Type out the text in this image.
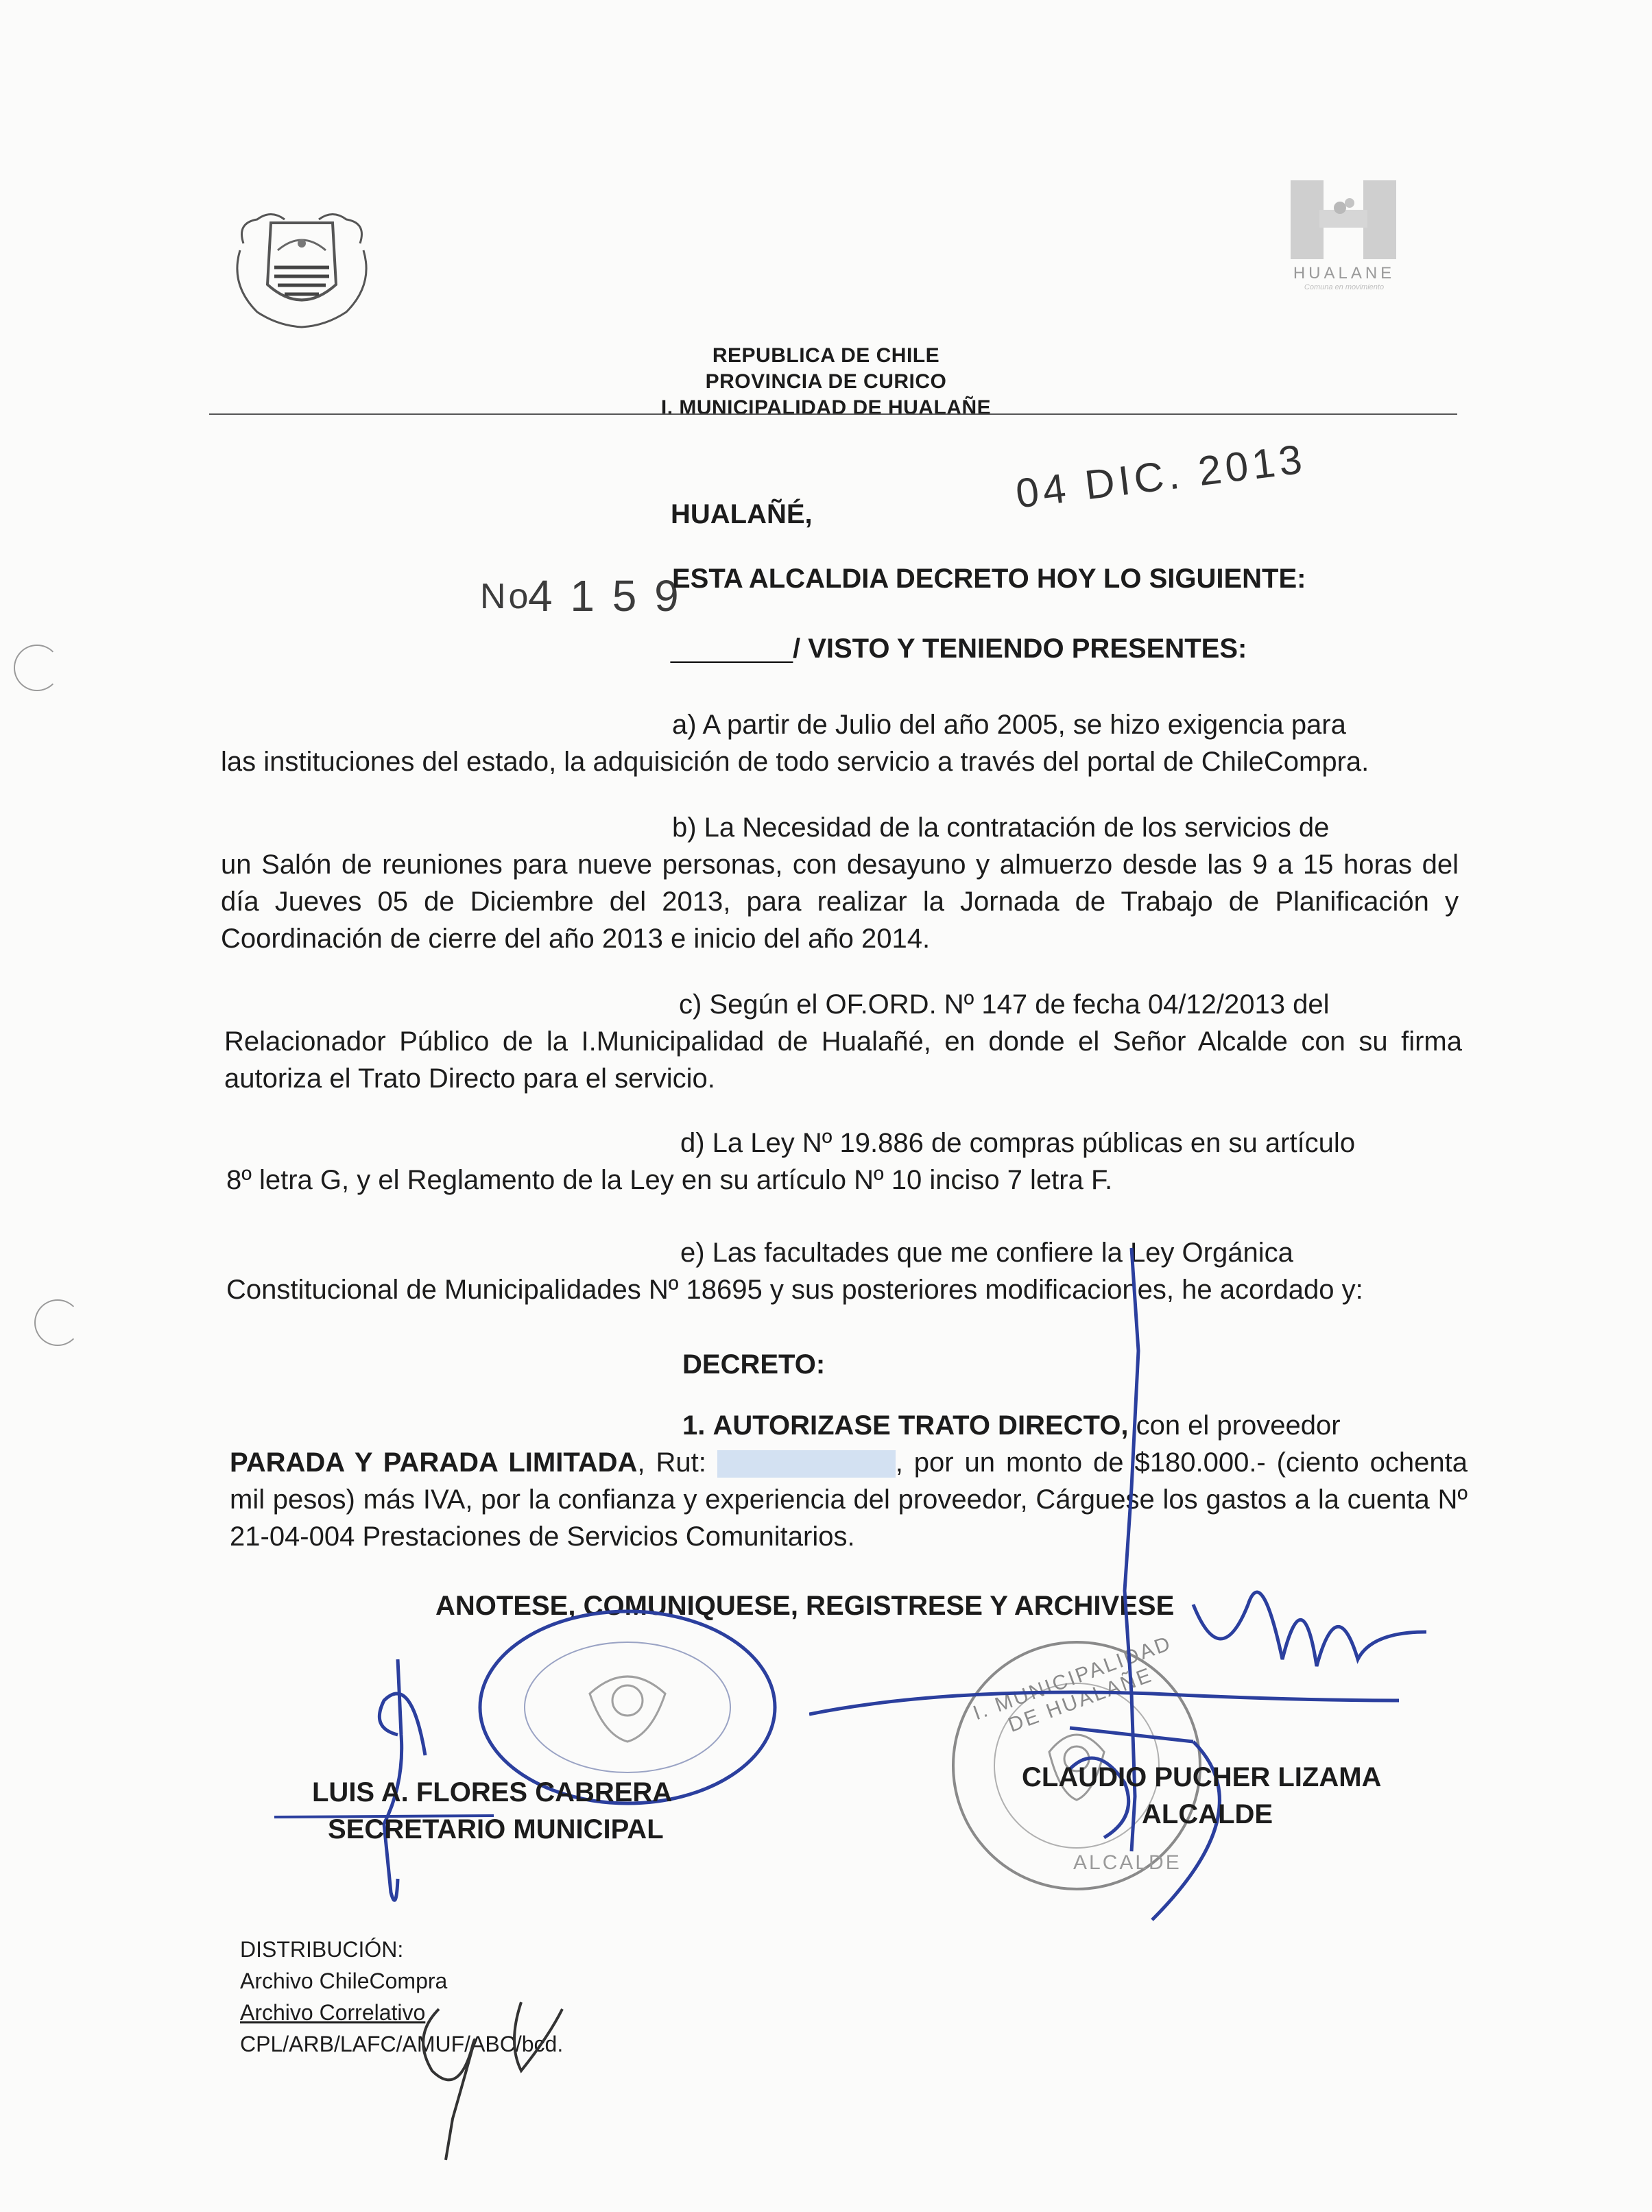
HUALANE
Comuna en movimiento
REPUBLICA DE CHILE
PROVINCIA DE CURICO
I. MUNICIPALIDAD DE HUALAÑE
04 DIC. 2013
HUALAÑÉ,
No
4 1 5 9
ESTA ALCALDIA DECRETO HOY LO SIGUIENTE:
________/ VISTO Y TENIENDO PRESENTES:
a) A partir de Julio del año 2005, se hizo exigencia para
las instituciones del estado, la adquisición de todo servicio a través del portal de ChileCompra.
b) La Necesidad de la contratación de los servicios de
un Salón de reuniones para nueve personas, con desayuno y almuerzo desde las 9 a 15 horas del día Jueves 05 de Diciembre del 2013, para realizar la Jornada de Trabajo de Planificación y Coordinación de cierre del año 2013 e inicio del año 2014.
c) Según el OF.ORD. Nº 147 de fecha 04/12/2013 del
Relacionador Público de la I.Municipalidad de Hualañé, en donde el Señor Alcalde con su firma autoriza el Trato Directo para el servicio.
d) La Ley Nº 19.886 de compras públicas en su artículo
8º letra G, y el Reglamento de la Ley en su artículo Nº 10 inciso 7 letra F.
e) Las facultades que me confiere la Ley Orgánica
Constitucional de Municipalidades Nº 18695 y sus posteriores modificaciones, he acordado y:
DECRETO:
1. AUTORIZASE TRATO DIRECTO, con el proveedor
PARADA Y PARADA LIMITADA, Rut:	, por un monto de $180.000.- (ciento ochenta mil pesos) más IVA, por la confianza y experiencia del proveedor, Cárguese los gastos a la cuenta Nº 21-04-004 Prestaciones de Servicios Comunitarios.
ANOTESE, COMUNIQUESE, REGISTRESE Y ARCHIVESE
I. MUNICIPALIDAD DE HUALAÑE
ALCALDE
LUIS A. FLORES CABRERA
SECRETARIO MUNICIPAL
CLAUDIO PUCHER LIZAMA
ALCALDE
DISTRIBUCIÓN:
Archivo ChileCompra
Archivo Correlativo
CPL/ARB/LAFC/AMUF/ABC/bcd.
